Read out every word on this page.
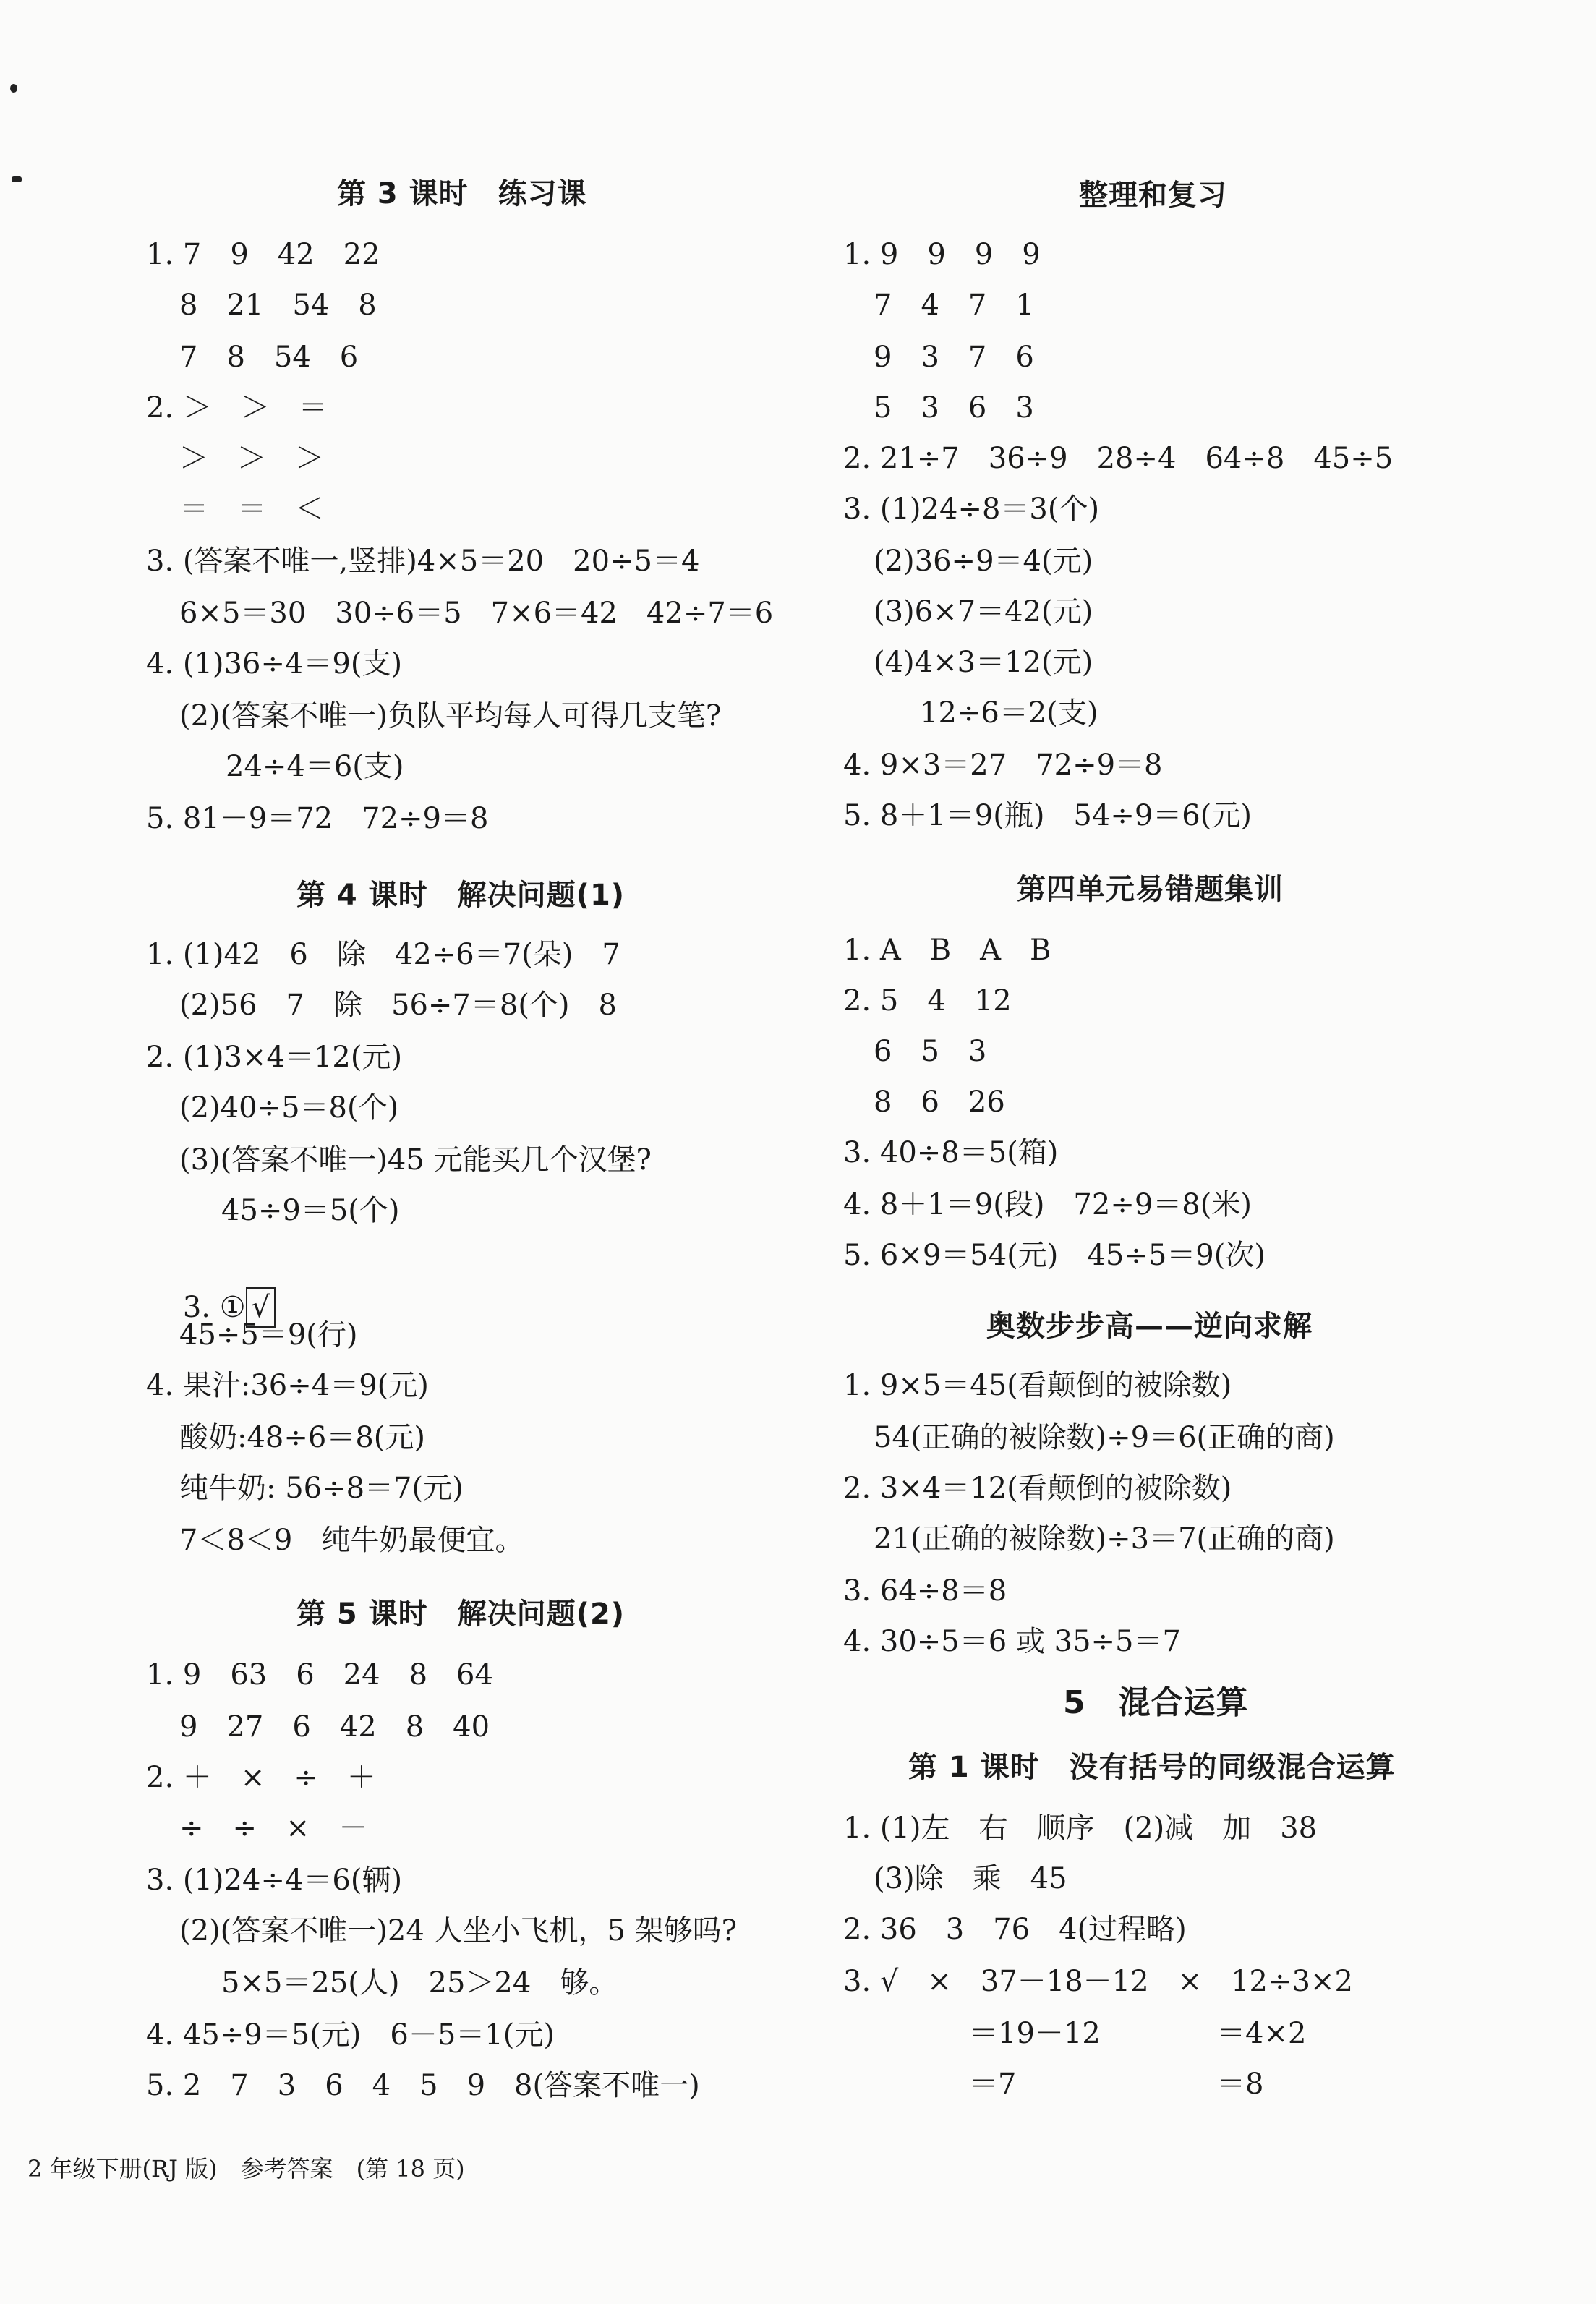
第 3 课时　练习课
1. 7　9　42　22
8　21　54　8
7　8　54　6
2. ＞　＞　＝
＞　＞　＞
＝　＝　＜
3. (答案不唯一,竖排)4×5＝20　20÷5＝4
6×5＝30　30÷6＝5　7×6＝42　42÷7＝6
4. (1)36÷4＝9(支)
(2)(答案不唯一)负队平均每人可得几支笔?
24÷4＝6(支)
5. 81－9＝72　72÷9＝8
第 4 课时　解决问题(1)
1. (1)42　6　除　42÷6＝7(朵)　7
(2)56　7　除　56÷7＝8(个)　8
2. (1)3×4＝12(元)
(2)40÷5＝8(个)
(3)(答案不唯一)45 元能买几个汉堡?
45÷9＝5(个)

3. ① √

45÷5＝9(行)
4. 果汁:36÷4＝9(元)
酸奶:48÷6＝8(元)
纯牛奶: 56÷8＝7(元)
7＜8＜9　纯牛奶最便宜。
第 5 课时　解决问题(2)
1. 9　63　6　24　8　64
9　27　6　42　8　40
2. ＋　×　÷　＋
÷　÷　×　－
3. (1)24÷4＝6(辆)
(2)(答案不唯一)24 人坐小飞机，5 架够吗?
5×5＝25(人)　25＞24　够。
4. 45÷9＝5(元)　6－5＝1(元)
5. 2　7　3　6　4　5　9　8(答案不唯一)
整理和复习
1. 9　9　9　9
7　4　7　1
9　3　7　6
5　3　6　3
2. 21÷7　36÷9　28÷4　64÷8　45÷5
3. (1)24÷8＝3(个)
(2)36÷9＝4(元)
(3)6×7＝42(元)
(4)4×3＝12(元)
12÷6＝2(支)
4. 9×3＝27　72÷9＝8
5. 8＋1＝9(瓶)　54÷9＝6(元)
第四单元易错题集训
1. A　B　A　B
2. 5　4　12
6　5　3
8　6　26
3. 40÷8＝5(箱)
4. 8＋1＝9(段)　72÷9＝8(米)
5. 6×9＝54(元)　45÷5＝9(次)
奥数步步高——逆向求解
1. 9×5＝45(看颠倒的被除数)
54(正确的被除数)÷9＝6(正确的商)
2. 3×4＝12(看颠倒的被除数)
21(正确的被除数)÷3＝7(正确的商)
3. 64÷8＝8
4. 30÷5＝6 或 35÷5＝7
5　混合运算
第 1 课时　没有括号的同级混合运算
1. (1)左　右　顺序　(2)减　加　38
(3)除　乘　45
2. 36　3　76　4(过程略)
3. √　×　37－18－12　×　12÷3×2
＝19－12	＝4×2
＝7	＝8
2 年级下册(RJ 版)　参考答案　(第 18 页)
